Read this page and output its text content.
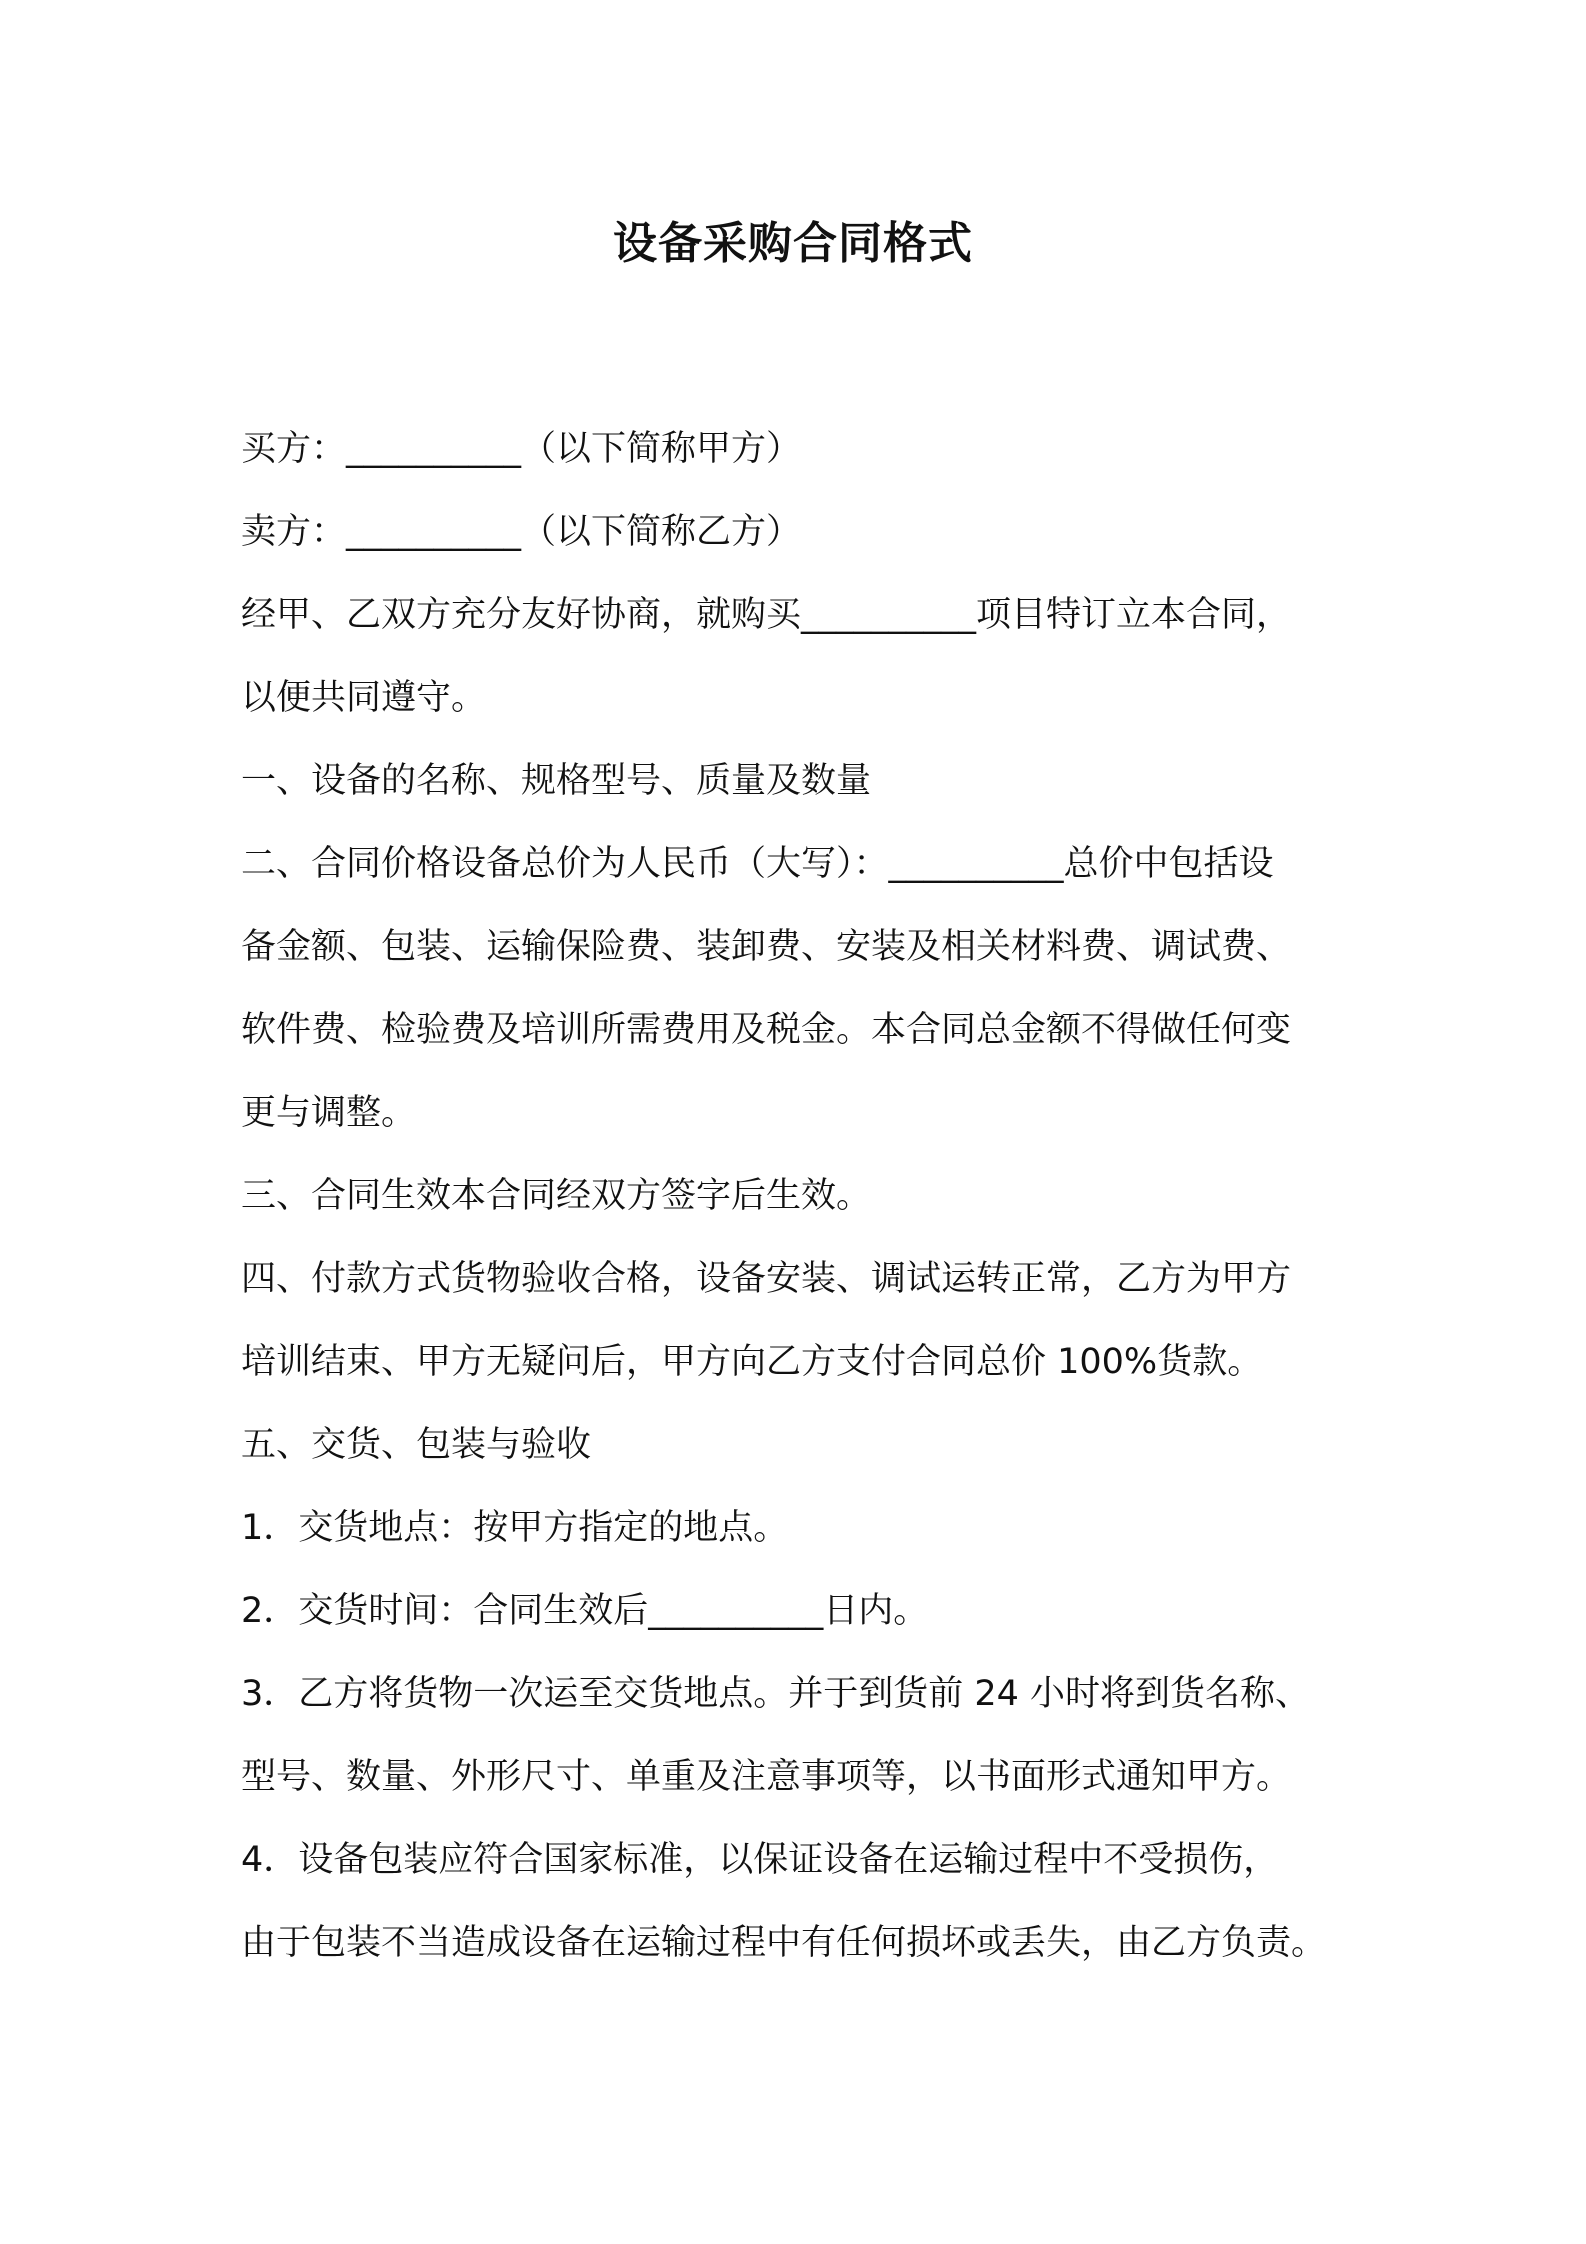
设备采购合同格式

买方：__________（以下简称甲方）

卖方：__________（以下简称乙方）

经甲、乙双方充分友好协商，就购买__________项目特订立本合同，

以便共同遵守。

一、设备的名称、规格型号、质量及数量

二、合同价格设备总价为人民币（大写）：__________总价中包括设

备金额、包装、运输保险费、装卸费、安装及相关材料费、调试费、

软件费、检验费及培训所需费用及税金。本合同总金额不得做任何变

更与调整。

三、合同生效本合同经双方签字后生效。

四、付款方式货物验收合格，设备安装、调试运转正常，乙方为甲方

培训结束、甲方无疑问后，甲方向乙方支付合同总价 100%货款。

五、交货、包装与验收

1．交货地点：按甲方指定的地点。

2．交货时间：合同生效后__________日内。

3．乙方将货物一次运至交货地点。并于到货前 24 小时将到货名称、

型号、数量、外形尺寸、单重及注意事项等，以书面形式通知甲方。

4．设备包装应符合国家标准，以保证设备在运输过程中不受损伤，

由于包装不当造成设备在运输过程中有任何损坏或丢失，由乙方负责。
